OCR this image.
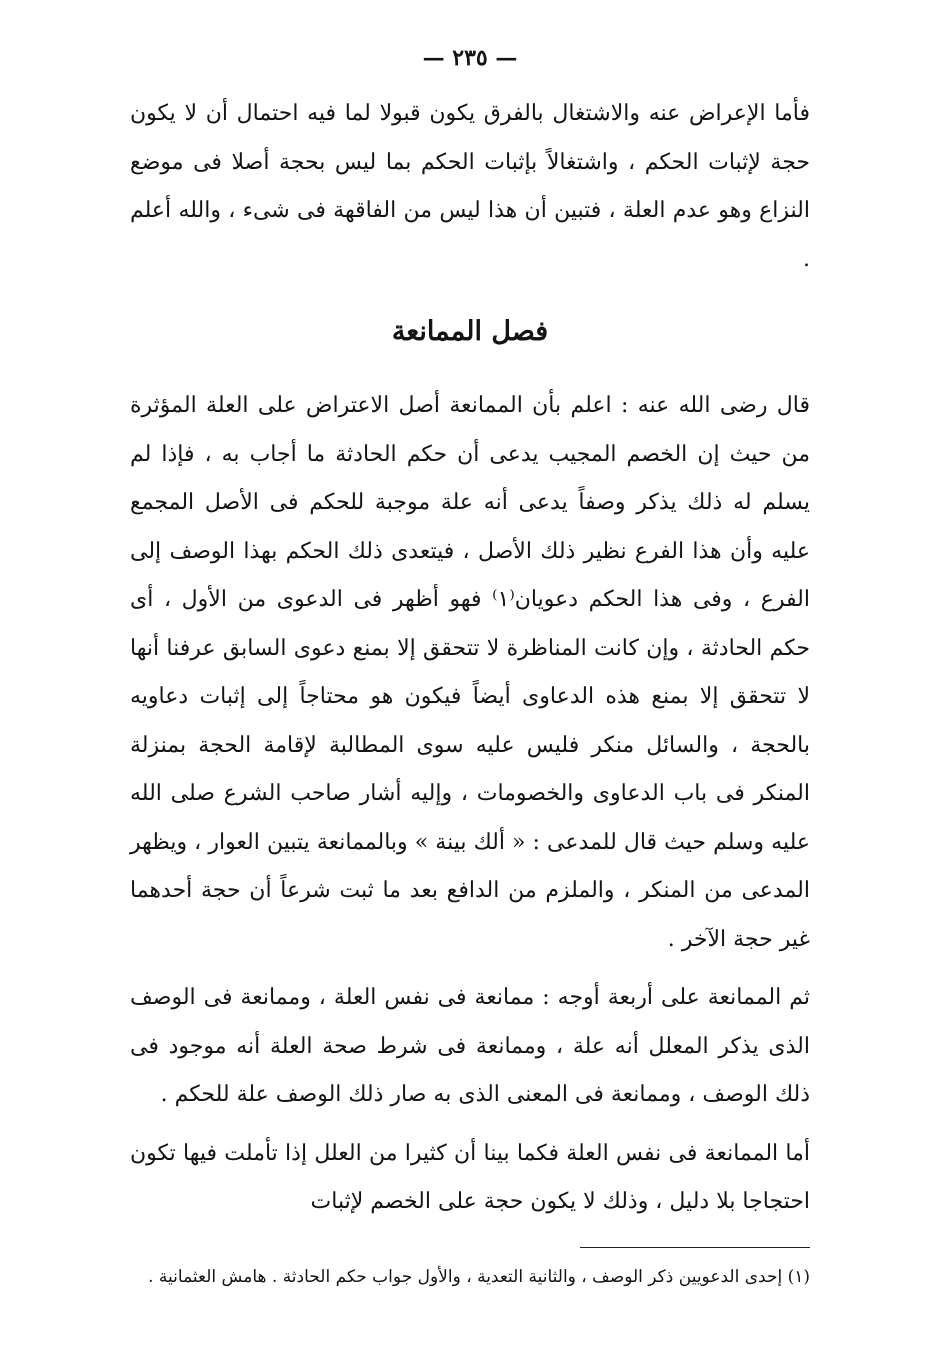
— ٢٣٥ —

فأما الإعراض عنه والاشتغال بالفرق يكون قبولا لما فيه احتمال أن لا يكون حجة لإثبات الحكم ، واشتغالاً بإثبات الحكم بما ليس بحجة أصلا فى موضع النزاع وهو عدم العلة ، فتبين أن هذا ليس من الفاقهة فى شىء ، والله أعلم .

فصل الممانعة

قال رضى الله عنه : اعلم بأن الممانعة أصل الاعتراض على العلة المؤثرة من حيث إن الخصم المجيب يدعى أن حكم الحادثة ما أجاب به ، فإذا لم يسلم له ذلك يذكر وصفاً يدعى أنه علة موجبة للحكم فى الأصل المجمع عليه وأن هذا الفرع نظير ذلك الأصل ، فيتعدى ذلك الحكم بهذا الوصف إلى الفرع ، وفى هذا الحكم دعويان⁽١⁾ فهو أظهر فى الدعوى من الأول ، أى حكم الحادثة ، وإن كانت المناظرة لا تتحقق إلا بمنع دعوى السابق عرفنا أنها لا تتحقق إلا بمنع هذه الدعاوى أيضاً فيكون هو محتاجاً إلى إثبات دعاويه بالحجة ، والسائل منكر فليس عليه سوى المطالبة لإقامة الحجة بمنزلة المنكر فى باب الدعاوى والخصومات ، وإليه أشار صاحب الشرع صلى الله عليه وسلم حيث قال للمدعى : « ألك بينة » وبالممانعة يتبين العوار ، ويظهر المدعى من المنكر ، والملزم من الدافع بعد ما ثبت شرعاً أن حجة أحدهما غير حجة الآخر .

ثم الممانعة على أربعة أوجه : ممانعة فى نفس العلة ، وممانعة فى الوصف الذى يذكر المعلل أنه علة ، وممانعة فى شرط صحة العلة أنه موجود فى ذلك الوصف ، وممانعة فى المعنى الذى به صار ذلك الوصف علة للحكم .

أما الممانعة فى نفس العلة فكما بينا أن كثيرا من العلل إذا تأملت فيها تكون احتجاجا بلا دليل ، وذلك لا يكون حجة على الخصم لإثبات

(١) إحدى الدعويين ذكر الوصف ، والثانية التعدية ، والأول جواب حكم الحادثة . هامش العثمانية .
